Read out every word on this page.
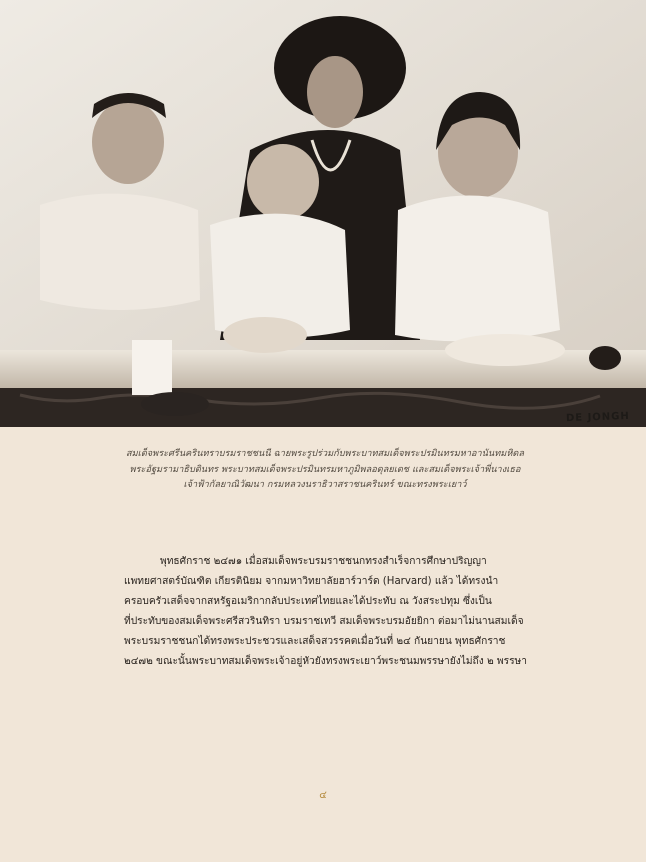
DE JONGH
สมเด็จพระศรีนครินทราบรมราชชนนี ฉายพระรูปร่วมกับพระบาทสมเด็จพระปรมินทรมหาอานันทมหิดล
พระอัฐมรามาธิบดินทร พระบาทสมเด็จพระปรมินทรมหาภูมิพลอดุลยเดช และสมเด็จพระเจ้าพี่นางเธอ
เจ้าฟ้ากัลยาณิวัฒนา กรมหลวงนราธิวาสราชนครินทร์ ขณะทรงพระเยาว์
พุทธศักราช ๒๔๗๑ เมื่อสมเด็จพระบรมราชชนกทรงสำเร็จการศึกษาปริญญา
แพทยศาสตร์บัณฑิต เกียรตินิยม จากมหาวิทยาลัยฮาร์วาร์ด (Harvard) แล้ว ได้ทรงนำ
ครอบครัวเสด็จจากสหรัฐอเมริกากลับประเทศไทยและได้ประทับ ณ วังสระปทุม ซึ่งเป็น
ที่ประทับของสมเด็จพระศรีสวรินทิรา บรมราชเทวี สมเด็จพระบรมอัยยิกา ต่อมาไม่นานสมเด็จ
พระบรมราชชนกได้ทรงพระประชวรและเสด็จสวรรคตเมื่อวันที่ ๒๔ กันยายน พุทธศักราช
๒๔๗๒ ขณะนั้นพระบาทสมเด็จพระเจ้าอยู่หัวยังทรงพระเยาว์พระชนมพรรษายังไม่ถึง ๒ พรรษา
๔
